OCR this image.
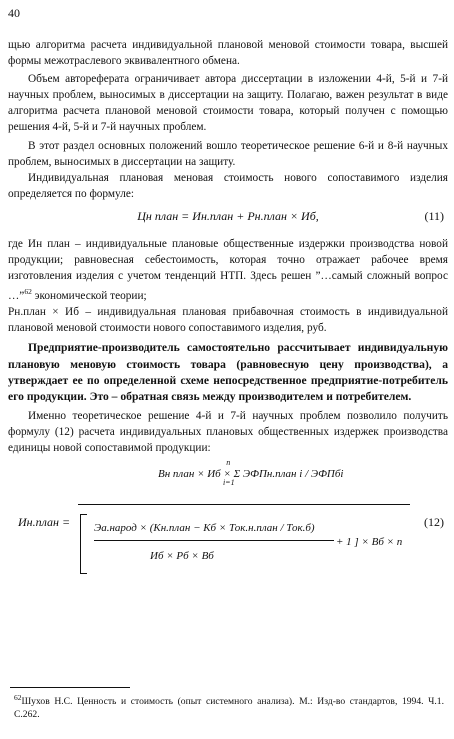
40

щью алгоритма расчета индивидуальной плановой меновой стоимости товара, высшей формы межотраслевого эквивалентного обмена.

Объем автореферата ограничивает автора диссертации в изложении 4-й, 5-й и 7-й научных проблем, выносимых в диссертации на защиту. Полагаю, важен результат в виде алгоритма расчета плановой меновой стоимости товара, который получен с помощью решения 4-й, 5-й и 7-й научных проблем.

В этот раздел основных положений вошло теоретическое решение 6-й и 8-й научных проблем, выносимых в диссертации на защиту.

Индивидуальная плановая меновая стоимость нового сопоставимого изделия определяется по формуле:

Цн план = Ин.план + Рн.план × Иб,	(11)

где Ин план – индивидуальные плановые общественные издержки производства новой продукции; равновесная себестоимость, которая точно отражает рабочее время изготовления изделия с учетом тенденций НТП. Здесь решен ”…самый сложный вопрос …”$^{62}$ экономической теории;

Рн.план × Иб – индивидуальная плановая прибавочная стоимость в индивидуальной плановой меновой стоимости нового сопоставимого изделия, руб.

Предприятие-производитель самостоятельно рассчитывает индивидуальную плановую меновую стоимость товара (равновесную цену производства), а утверждает ее по определенной схеме непосредственное предприятие-потребитель его продукции. Это – обратная связь между производителем и потребителем.

Именно теоретическое решение 4-й и 7-й научных проблем позволило получить формулу (12) расчета индивидуальных плановых общественных издержек производства единицы новой сопоставимой продукции:

Ин.план =
Вн план × Иб × Σ ЭФПн.план i / ЭФПбi $^n$ $_{i=1}$
Эа.народ × (Кн.план − Кб × Ток.н.план / Ток.б)
Иб × Рб × Вб
+ 1 ] × Вб × n
(12)
$^{62}$Шухов Н.С. Ценность и стоимость (опыт системного анализа). М.: Изд-во стандартов, 1994. Ч.1. С.262.
